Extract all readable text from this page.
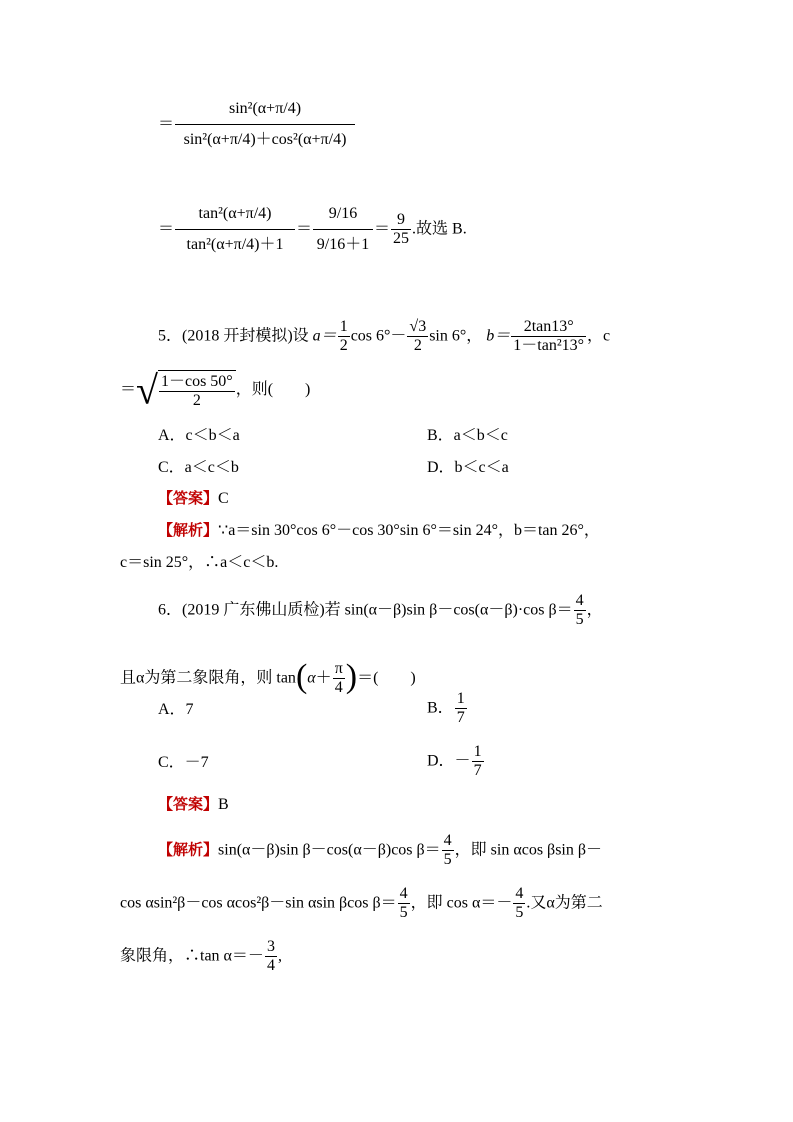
＝ $\frac{\text{sin²(α+π/4)}}{\text{sin²(α+π/4)＋cos²(α+π/4)}}$
＝ $\frac{\text{tan²(α+π/4)}}{\text{tan²(α+π/4)＋1}} = \frac{9/16}{9/16+1} = \frac{9}{25}$ .故选 B.
5．(2018 开封模拟)设 $a= \frac{1}{2}$ $\cos 6^\circ- \frac{√3}{2}$ sin 6°， $b= \frac{2\tan 13^\circ}{\text{1－tan²13°}}$ ，c
＝√ $\frac{1-\cos 50^\circ}{2}$ ，则(　　)
A．c＜b＜a	B．a＜b＜c
C．a＜c＜b	D．b＜c＜a
【答案】C
【解析】∵a＝sin 30°cos 6°－cos 30°sin 6°＝sin 24°，b＝tan 26°，
c＝sin 25°，∴a＜c＜b.
6．(2019 广东佛山质检)若 sin(α－β)sin β－cos(α－β)·cos $\beta= \frac{4}{5}$ ，
且α为第二象限角，则 $\tan(\alpha+ \frac{\pi}{4}$ )＝(　　)
A．7	B． $\frac{1}{7}$
C．－7	D．－ $\frac{1}{7}$
【答案】B
【解析】sin(α－β)sin β－cos(α－β)cos $\beta= \frac{4}{5}$ ，即 sin αcos βsin β－
cos αsin²β－cos αcos²β－sin αsin βcos $\beta= \frac{4}{5}$ ，即 $\cos \alpha=- \frac{4}{5}$ .又α为第二
象限角，∴tan $\alpha=- \frac{3}{4}$ ,
